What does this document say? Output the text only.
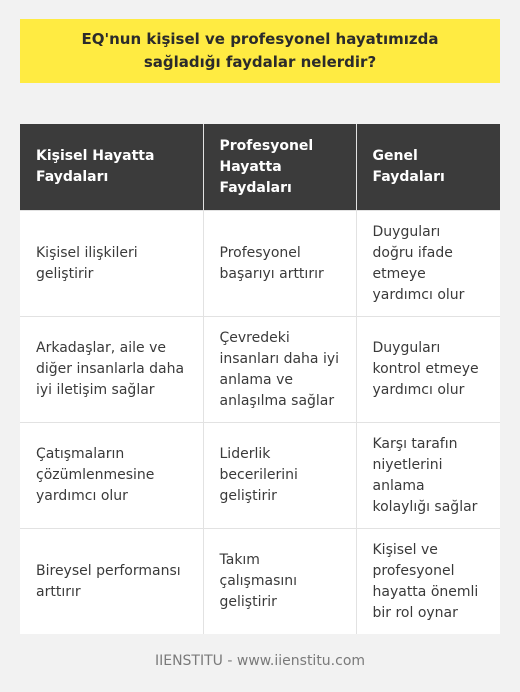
EQ'nun kişisel ve profesyonel hayatımızda sağladığı faydalar nelerdir?
Kişisel Hayatta Faydaları	Profesyonel Hayatta Faydaları	Genel Faydaları
Kişisel ilişkileri geliştirir	Profesyonel başarıyı arttırır	Duyguları doğru ifade etmeye yardımcı olur
Arkadaşlar, aile ve diğer insanlarla daha iyi iletişim sağlar	Çevredeki insanları daha iyi anlama ve anlaşılma sağlar	Duyguları kontrol etmeye yardımcı olur
Çatışmaların çözümlenmesine yardımcı olur	Liderlik becerilerini geliştirir	Karşı tarafın niyetlerini anlama kolaylığı sağlar
Bireysel performansı arttırır	Takım çalışmasını geliştirir	Kişisel ve profesyonel hayatta önemli bir rol oynar
IIENSTITU - www.iienstitu.com
